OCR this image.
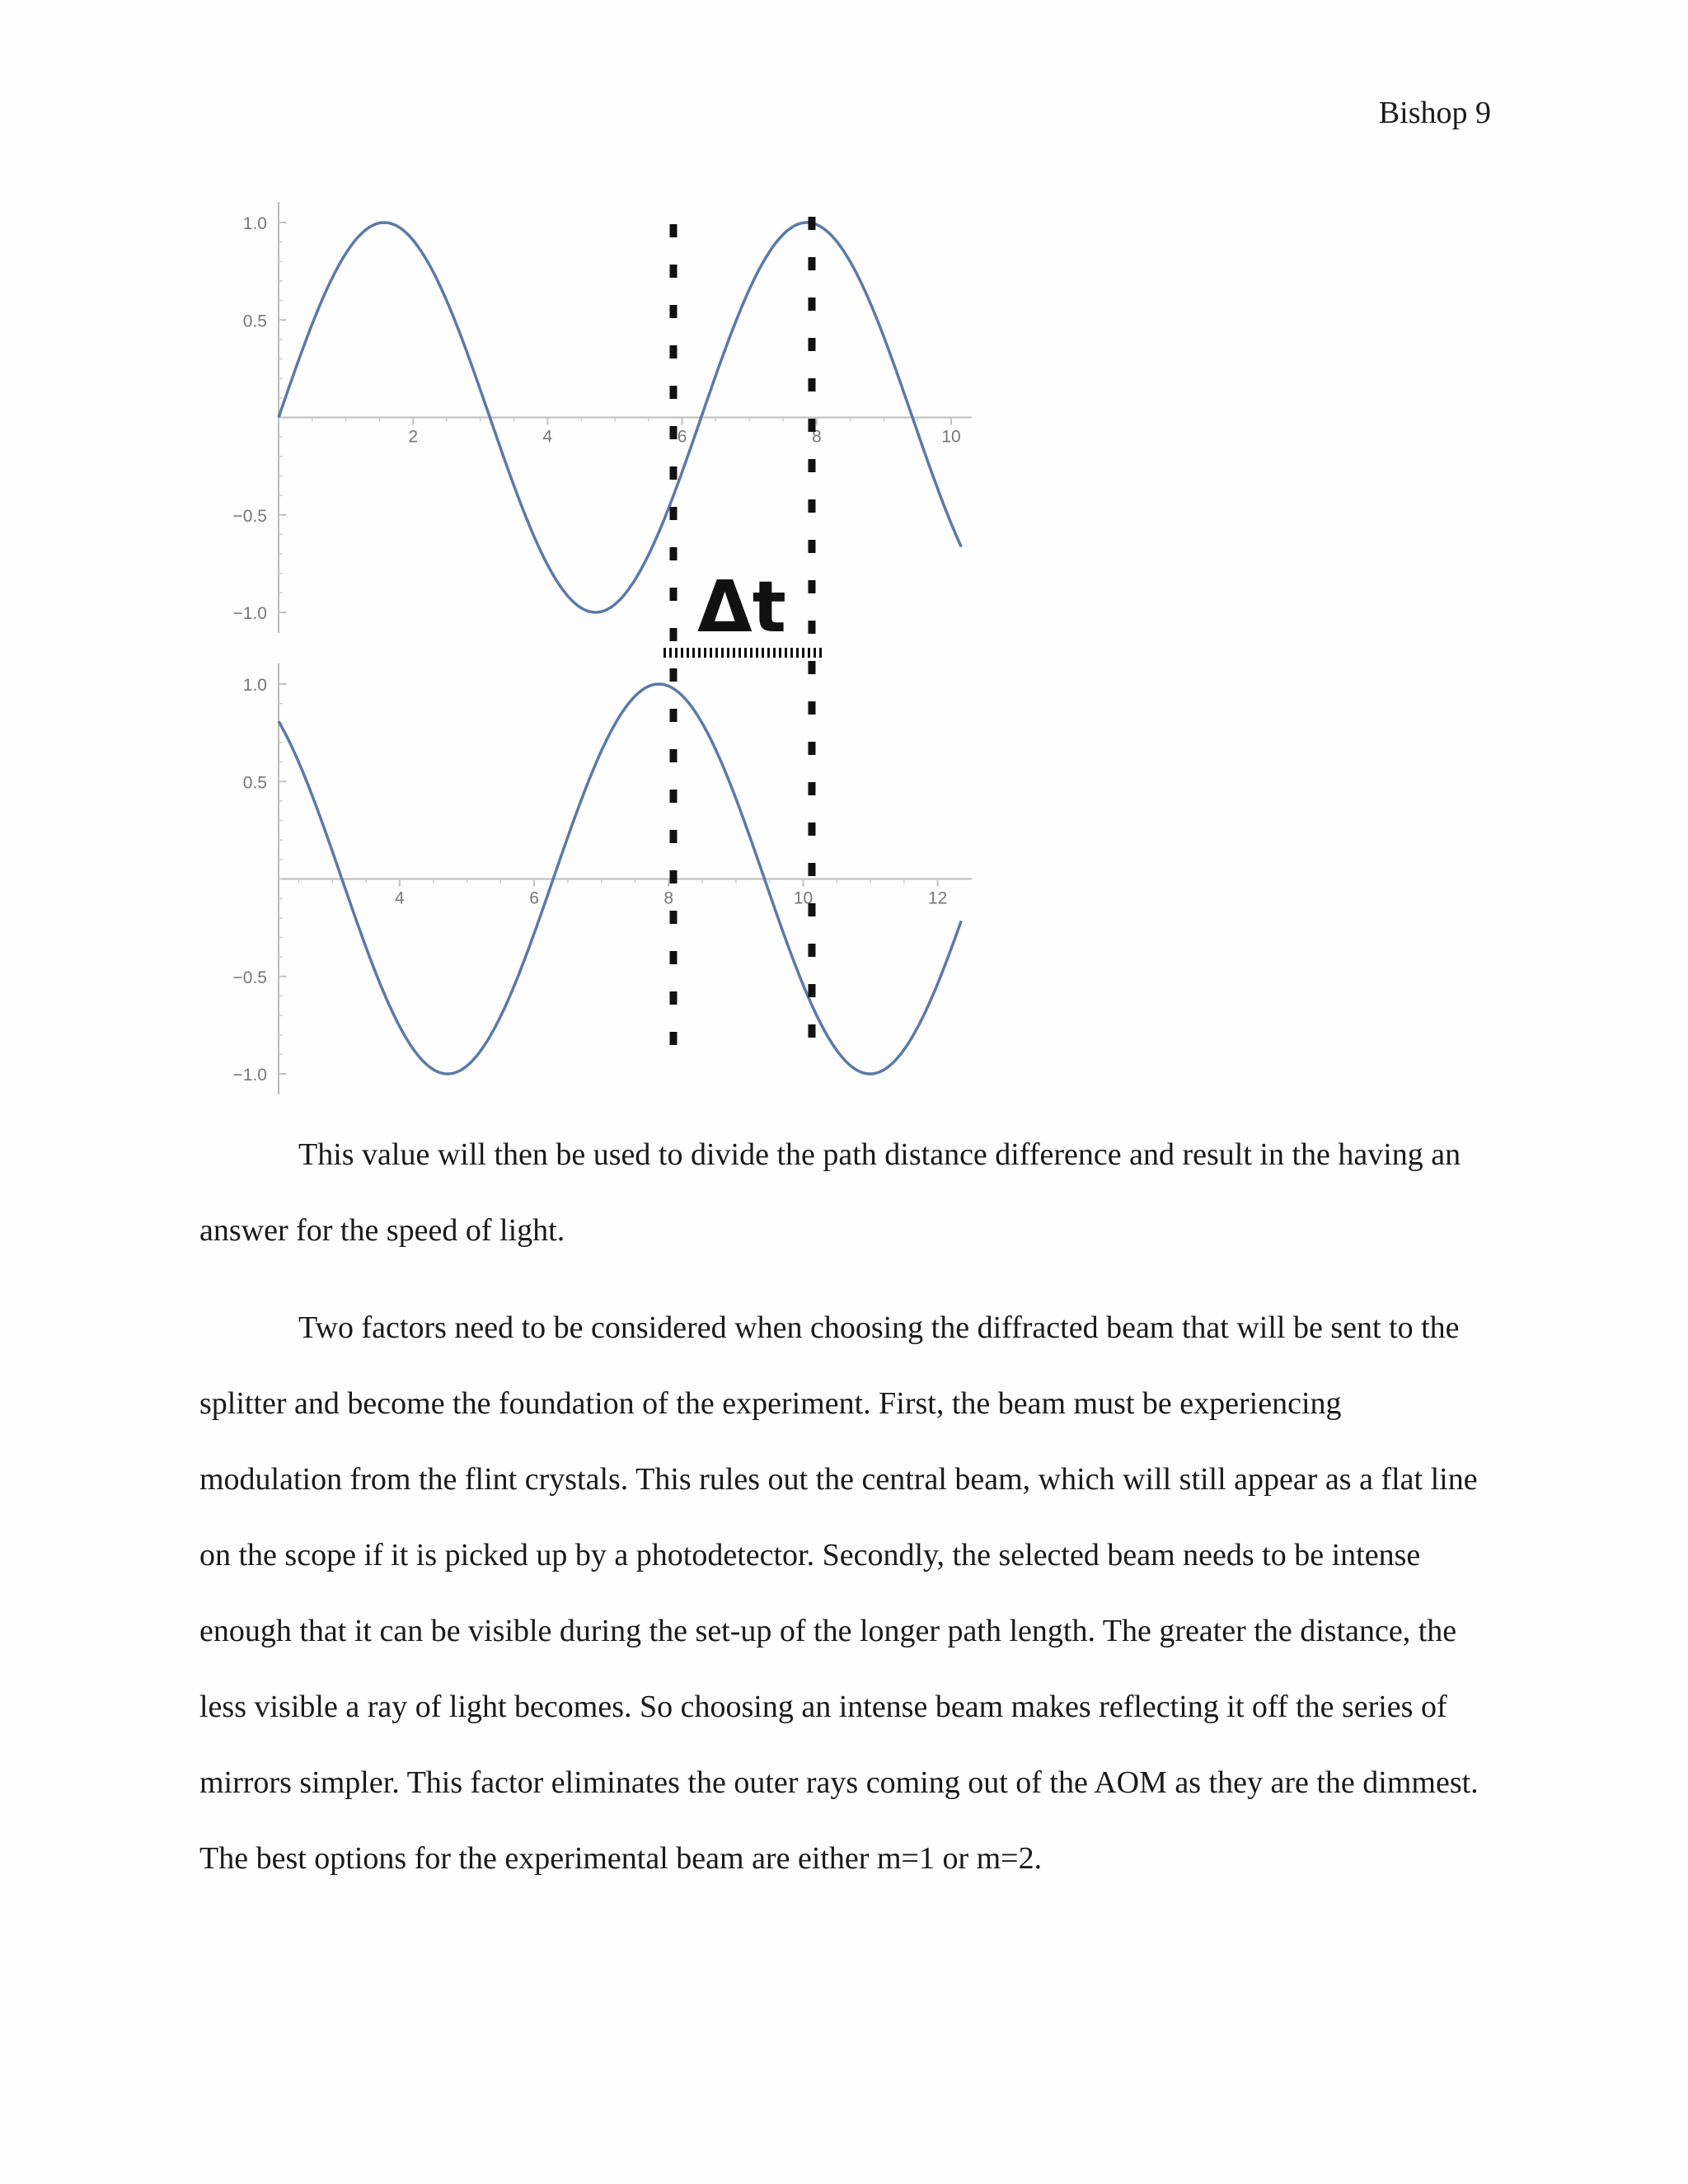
Bishop 9
1.0
0.5
−0.5
−1.0
2	4	6	8	10
1.0
0.5
−0.5
−1.0
4	6	8	10	12
Δt

This value will then be used to divide the path distance difference and result in the having an answer for the speed of light.

Two factors need to be considered when choosing the diffracted beam that will be sent to the splitter and become the foundation of the experiment. First, the beam must be experiencing modulation from the flint crystals. This rules out the central beam, which will still appear as a flat line on the scope if it is picked up by a photodetector. Secondly, the selected beam needs to be intense enough that it can be visible during the set-up of the longer path length. The greater the distance, the less visible a ray of light becomes. So choosing an intense beam makes reflecting it off the series of mirrors simpler. This factor eliminates the outer rays coming out of the AOM as they are the dimmest. The best options for the experimental beam are either m=1 or m=2.
